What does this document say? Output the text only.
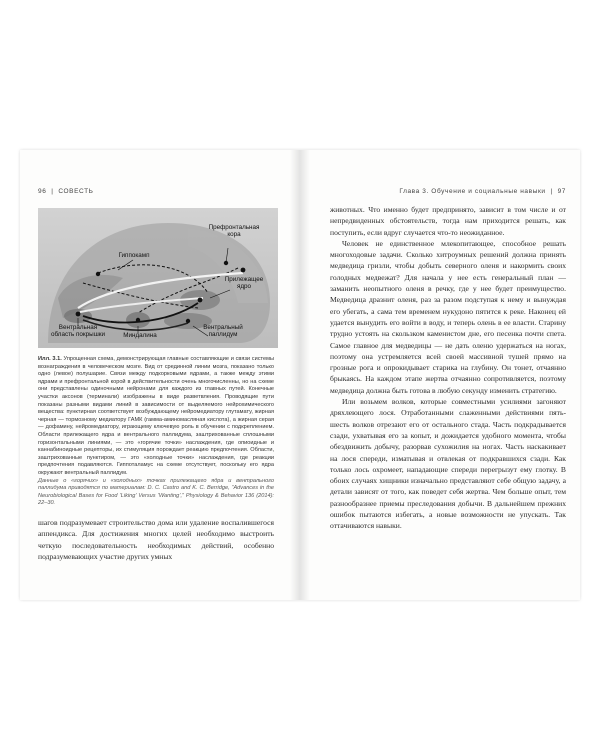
96 | СОВЕСТЬ
Префронтальная кора
Гиппокамп
Прилежащее ядро
Вентральная область покрышки	Миндалина
Вентральный паллидум
Илл. 3.1. Упрощенная схема, демонстрирующая главные составляющие и связи системы вознаграждения в человеческом мозге. Вид от срединной линии мозга, показано только одно (левое) полушарие. Связи между подкорковыми ядрами, а также между этими ядрами и префронтальной корой в действительности очень многочисленны, но на схеме они представлены одиночными нейронами для каждого из главных путей. Конечные участки аксонов (терминали) изображены в виде разветвления. Проводящие пути показаны разными видами линий в зависимости от выделяемого нейрохимического вещества: пунктирная соответствует возбуждающему нейромедиатору глутамату, жирная черная — тормозному медиатору ГАМК (гамма-аминомасляная кислота), а жирная серая — дофамину, нейромедиатору, играющему ключевую роль в обучении с подкреплением. Области прилежащего ядра и вентрального паллидума, заштрихованные сплошными горизонтальными линиями, — это «горячие точки» наслаждения, где опиоидные и каннабиноидные рецепторы, их стимуляция порождает реакцию предпочтения. Области, заштрихованные пунктиром, — это «холодные точки» наслаждения, где реакции предпочтения подавляются. Гиппоталамус на схеме отсутствует, поскольку его ядра окружают вентральный паллидум.
Данные о «горячих» и «холодных» точках прилежащего ядра и вентрального паллидума приводятся по материалам: D. C. Castro and K. C. Berridge, “Advances in the Neurobiological Bases for Food ‘Liking’ Versus ‘Wanting’,” Physiology & Behavior 136 (2014): 22–30.

шагов подразумевает строительство дома или удаление воспалившегося аппендикса. Для достижения многих целей необходимо выстроить четкую последовательность необходимых действий, особенно подразумевающих участие других умных

Глава 3. Обучение и социальные навыки | 97

животных. Что именно будет предпринято, зависит в том числе и от непредвиденных обстоятельств, тогда нам приходится решать, как поступить, если вдруг случается что-то неожиданное.

Человек не единственное млекопитающее, способное решать многоходовые задачи. Сколько хитроумных решений должна принять медведица гризли, чтобы добыть северного оленя и накормить своих голодных медвежат? Для начала у нее есть генеральный план — заманить неопытного оленя в речку, где у нее будет преимущество. Медведица дразнит оленя, раз за разом подступая к нему и вынуждая его убегать, а сама тем временем нукудоно пятится к реке. Наконец ей удается вынудить его войти в воду, и теперь олень в ее власти. Старину трудно устоять на скользком каменистом дне, его песенка почти спета. Самое главное для медведицы — не дать оленю удержаться на ногах, поэтому она устремляется всей своей массивной тушей прямо на грозные рога и опрокидывает старика на глубину. Он тонет, отчаянно брыкаясь. На каждом этапе жертва отчаянно сопротивляется, поэтому медведица должна быть готова в любую секунду изменить стратегию.

Или возьмем волков, которые совместными усилиями загоняют дряхлеющего лося. Отработанными слаженными действиями пять-шесть волков отрезают его от остального стада. Часть подкрадывается сзади, ухватывая его за копыт, и дожидается удобного момента, чтобы обездвижить добычу, разорвав сухожилия на ногах. Часть наскакивает на лося спереди, изматывая и отвлекая от подкравшихся сзади. Как только лось охромеет, нападающие спереди перегрызут ему глотку. В обоих случаях хищники изначально представляют себе общую задачу, а детали зависят от того, как поведет себя жертва. Чем больше опыт, тем разнообразнее приемы преследования добычи. В дальнейшем прежних ошибок пытаются избегать, а новые возможности не упускать. Так оттачиваются навыки.
